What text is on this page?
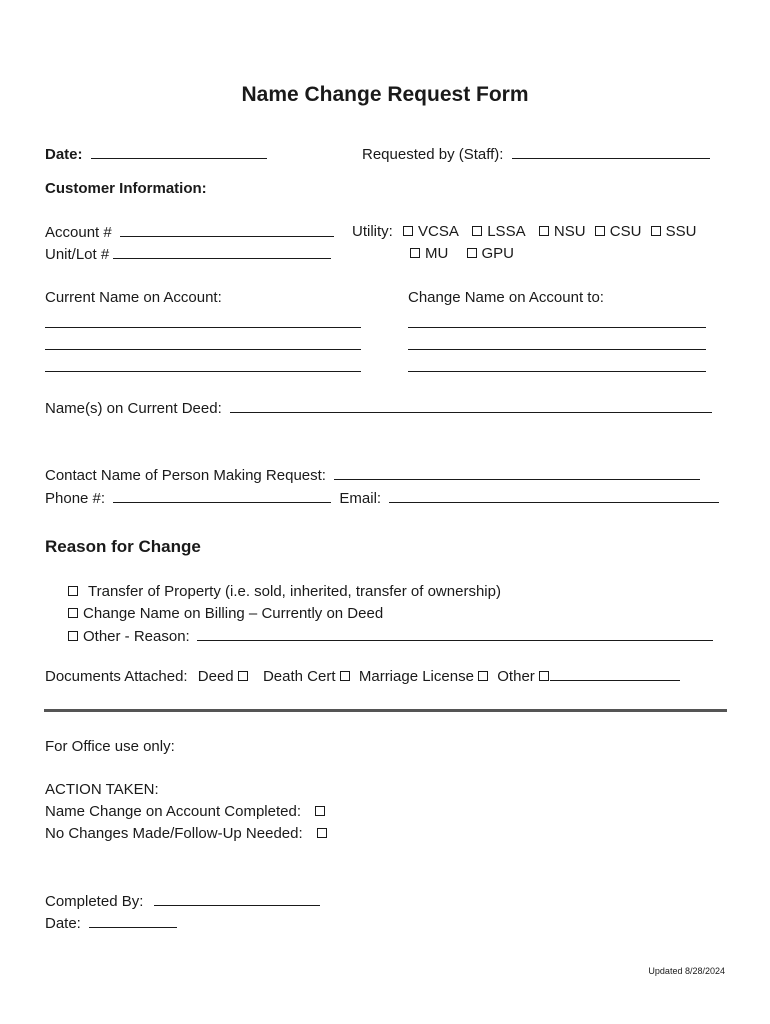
Name Change Request Form
Date:	Requested by (Staff):
Customer Information:
Account #
Unit/Lot #
Utility: VCSA LSSA NSU CSU SSU
MU GPU
Current Name on Account:	Change Name on Account to:
Name(s) on Current Deed:
Contact Name of Person Making Request:
Phone #:	Email:
Reason for Change
Transfer of Property (i.e. sold, inherited, transfer of ownership)
Change Name on Billing – Currently on Deed
Other - Reason:
Documents Attached: Deed Death Cert Marriage License Other
For Office use only:
ACTION TAKEN:
Name Change on Account Completed:
No Changes Made/Follow-Up Needed:
Completed By:
Date:
Updated 8/28/2024
